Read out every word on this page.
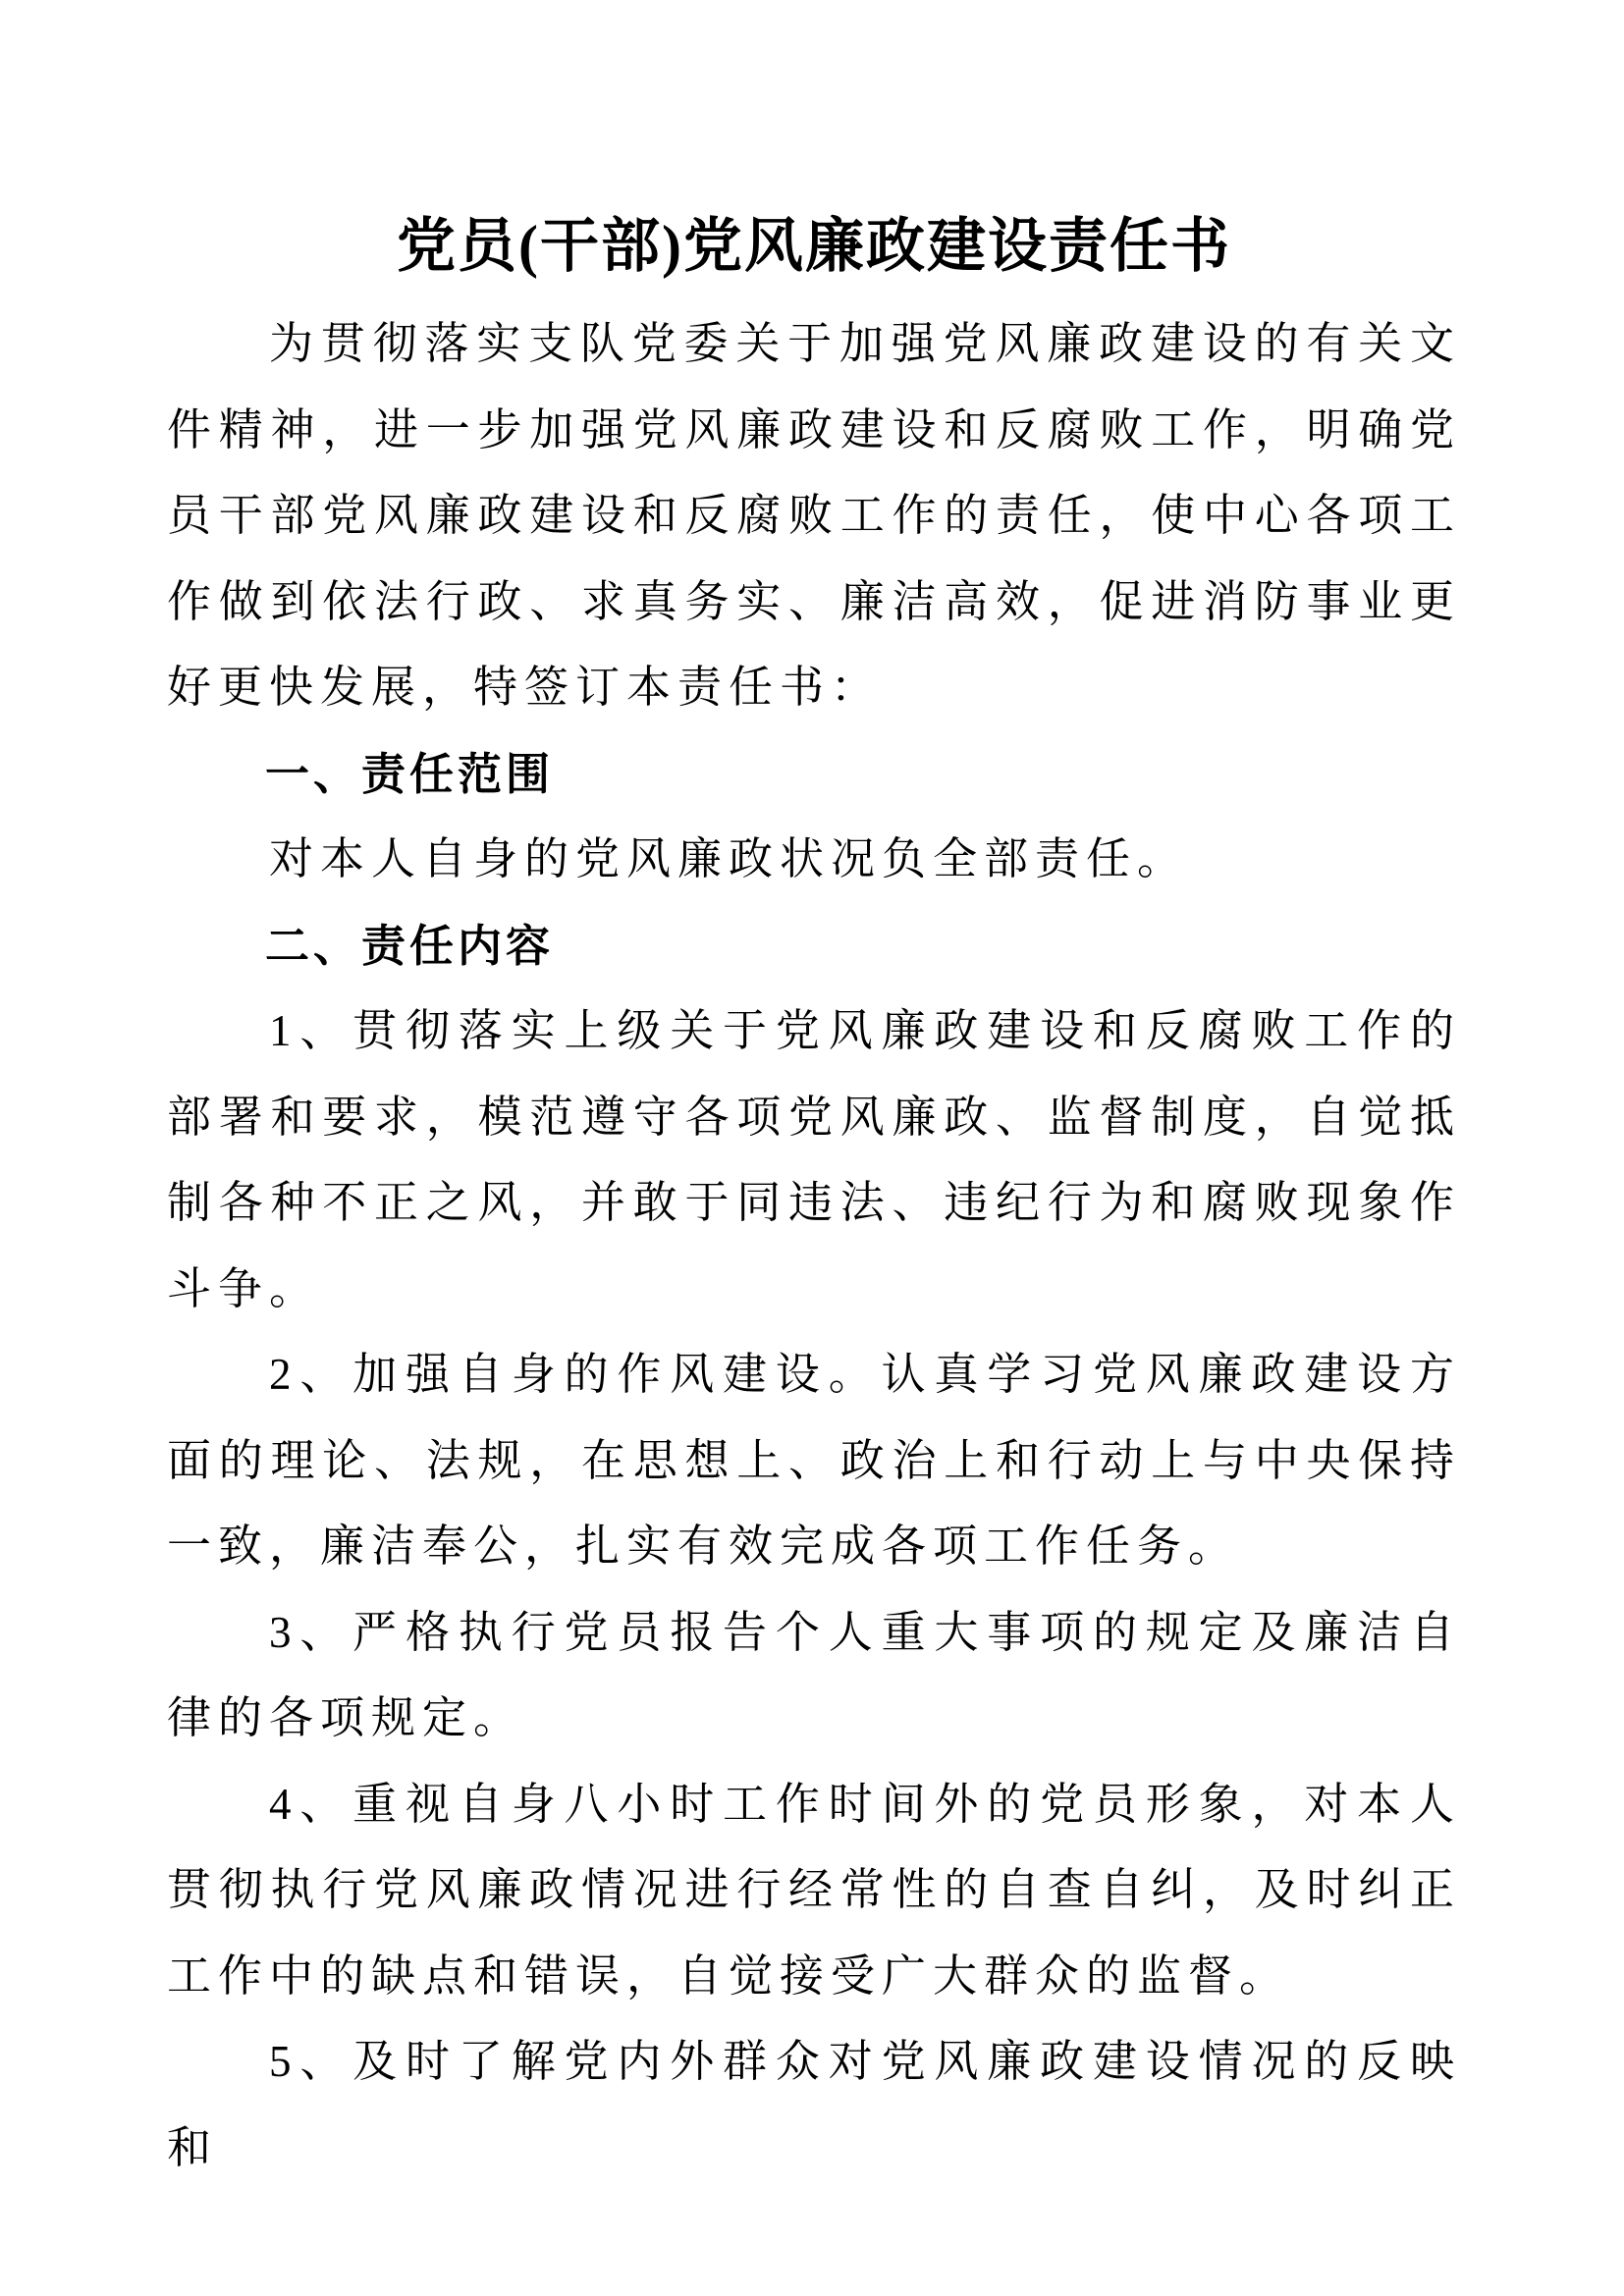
党员(干部)党风廉政建设责任书

为贯彻落实支队党委关于加强党风廉政建设的有关文件精神，进一步加强党风廉政建设和反腐败工作，明确党员干部党风廉政建设和反腐败工作的责任，使中心各项工作做到依法行政、求真务实、廉洁高效，促进消防事业更好更快发展，特签订本责任书：

一、责任范围

对本人自身的党风廉政状况负全部责任。

二、责任内容

1、贯彻落实上级关于党风廉政建设和反腐败工作的部署和要求，模范遵守各项党风廉政、监督制度，自觉抵制各种不正之风，并敢于同违法、违纪行为和腐败现象作斗争。

2、加强自身的作风建设。认真学习党风廉政建设方面的理论、法规，在思想上、政治上和行动上与中央保持一致，廉洁奉公，扎实有效完成各项工作任务。

3、严格执行党员报告个人重大事项的规定及廉洁自律的各项规定。

4、重视自身八小时工作时间外的党员形象，对本人贯彻执行党风廉政情况进行经常性的自查自纠，及时纠正工作中的缺点和错误，自觉接受广大群众的监督。

5、及时了解党内外群众对党风廉政建设情况的反映和
